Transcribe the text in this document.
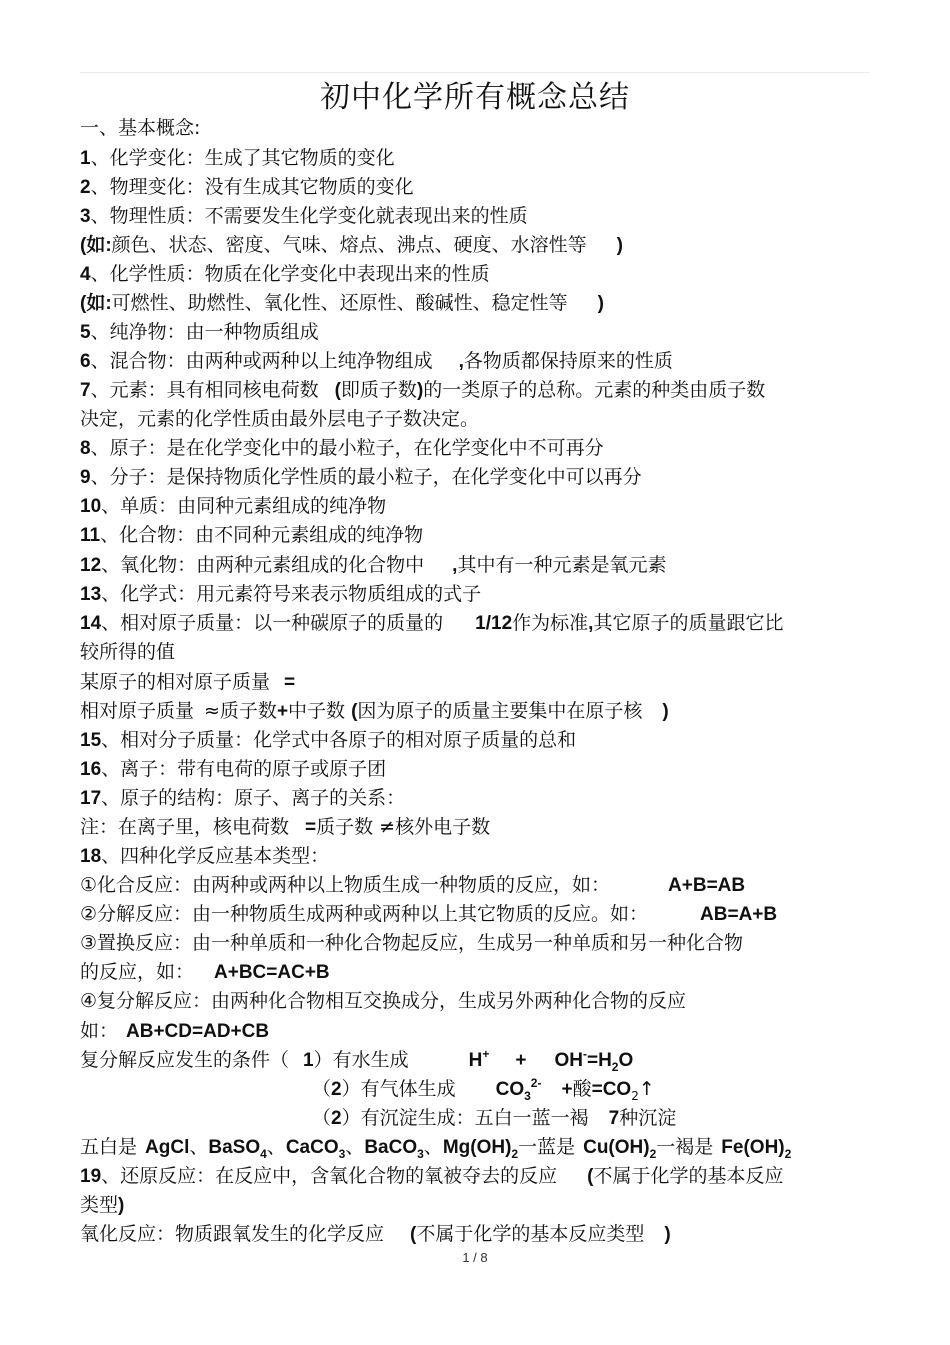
初中化学所有概念总结
一、基本概念:
1、化学变化：生成了其它物质的变化
2、物理变化：没有生成其它物质的变化
3、物理性质：不需要发生化学变化就表现出来的性质
(如:颜色、状态、密度、气味、熔点、沸点、硬度、水溶性等 )
4、化学性质：物质在化学变化中表现出来的性质
(如:可燃性、助燃性、氧化性、还原性、酸碱性、稳定性等 )
5、纯净物：由一种物质组成
6、混合物：由两种或两种以上纯净物组成 ,各物质都保持原来的性质
7、元素：具有相同核电荷数 (即质子数)的一类原子的总称。元素的种类由质子数
决定，元素的化学性质由最外层电子子数决定。
8、原子：是在化学变化中的最小粒子，在化学变化中不可再分
9、分子：是保持物质化学性质的最小粒子，在化学变化中可以再分
10、单质：由同种元素组成的纯净物
11、化合物：由不同种元素组成的纯净物
12、氧化物：由两种元素组成的化合物中 ,其中有一种元素是氧元素
13、化学式：用元素符号来表示物质组成的式子
14、相对原子质量：以一种碳原子的质量的 1/12作为标准,其它原子的质量跟它比
较所得的值
某原子的相对原子质量 =
相对原子质量 ≈质子数+中子数 (因为原子的质量主要集中在原子核 )
15、相对分子质量：化学式中各原子的相对原子质量的总和
16、离子：带有电荷的原子或原子团
17、原子的结构：原子、离子的关系：
注：在离子里，核电荷数 =质子数 ≠核外电子数
18、四种化学反应基本类型：
①化合反应：由两种或两种以上物质生成一种物质的反应，如：	A+B=AB
②分解反应：由一种物质生成两种或两种以上其它物质的反应。如：	AB=A+B
③置换反应：由一种单质和一种化合物起反应，生成另一种单质和另一种化合物
的反应，如： A+BC=AC+B
④复分解反应：由两种化合物相互交换成分，生成另外两种化合物的反应
如： AB+CD=AD+CB
复分解反应发生的条件（ 1）有水生成	$H^+ + OH^-=H_2O$
（2）有气体生成 $CO_3^{2-}$ +酸$=CO_2↑$
（2）有沉淀生成：五白一蓝一褐 7种沉淀
五白是 AgCl、BaSO$_4$、CaCO$_3$、BaCO$_3$、$Mg(OH)_2$一蓝是 $Cu(OH)_2$一褐是 $Fe(OH)_2$
19、还原反应：在反应中，含氧化合物的氧被夺去的反应 (不属于化学的基本反应
类型)
氧化反应：物质跟氧发生的化学反应 (不属于化学的基本反应类型 )
1 / 8
